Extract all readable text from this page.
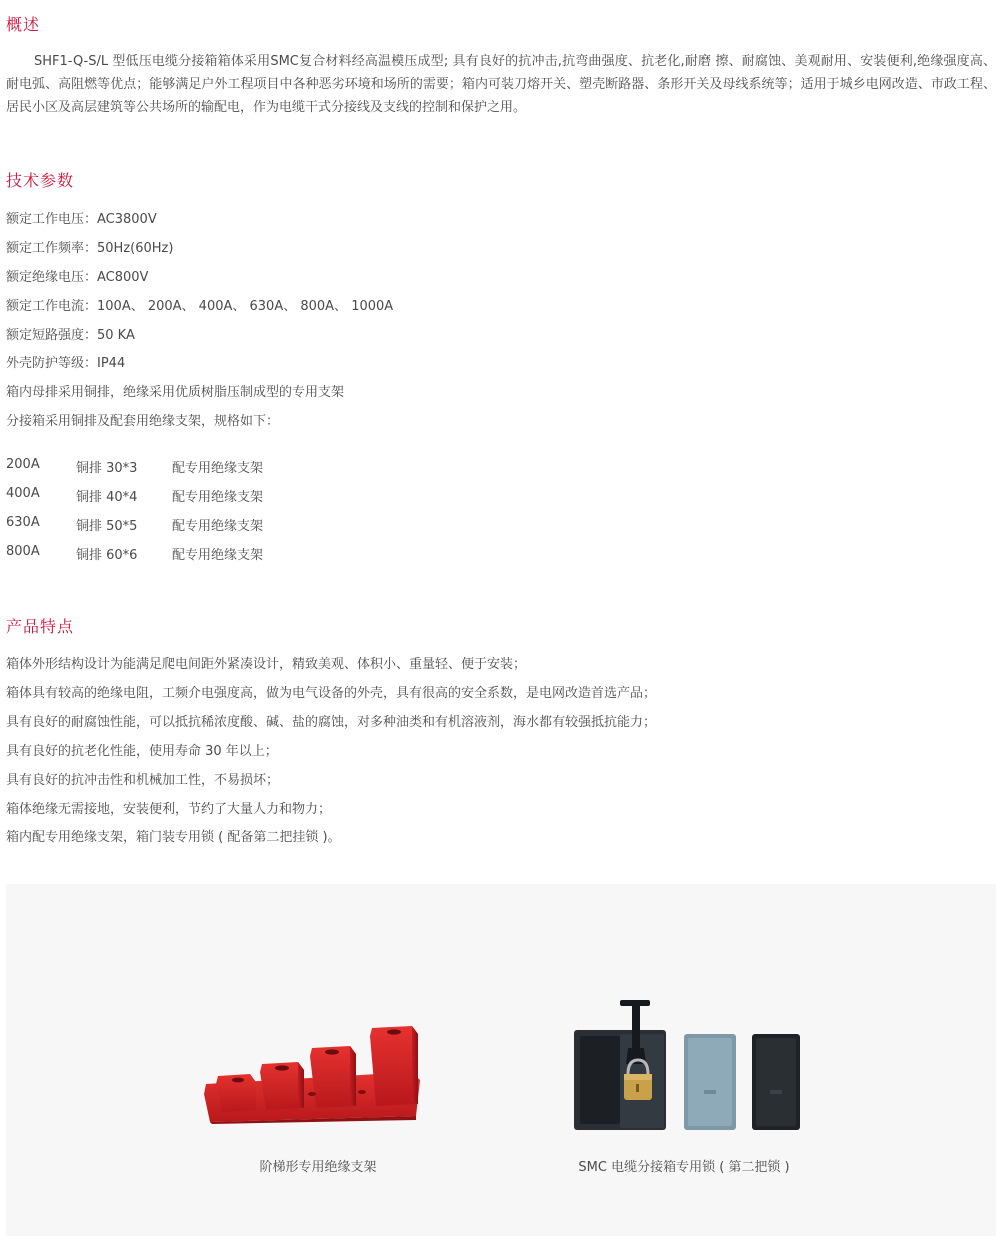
概述

SHF1-Q-S/L 型低压电缆分接箱箱体采用SMC复合材料经高温模压成型; 具有良好的抗冲击,抗弯曲强度、抗老化,耐磨 擦、耐腐蚀、美观耐用、安装便利,绝缘强度高、耐电弧、高阻燃等优点；能够满足户外工程项目中各种恶劣环境和场所的需要；箱内可装刀熔开关、塑壳断路器、条形开关及母线系统等；适用于城乡电网改造、市政工程、居民小区及高层建筑等公共场所的输配电，作为电缆干式分接线及支线的控制和保护之用。

技术参数
额定工作电压：AC3800V
额定工作频率：50Hz(60Hz)
额定绝缘电压：AC800V
额定工作电流：100A、 200A、 400A、 630A、 800A、 1000A
额定短路强度：50 KA
外壳防护等级：IP44
箱内母排采用铜排，绝缘采用优质树脂压制成型的专用支架
分接箱采用铜排及配套用绝缘支架，规格如下：
200A	铜排 30*3	配专用绝缘支架
400A	铜排 40*4	配专用绝缘支架
630A	铜排 50*5	配专用绝缘支架
800A	铜排 60*6	配专用绝缘支架
产品特点
箱体外形结构设计为能满足爬电间距外紧凑设计，精致美观、体积小、重量轻、便于安装；
箱体具有较高的绝缘电阻，工频介电强度高，做为电气设备的外壳，具有很高的安全系数，是电网改造首选产品；
具有良好的耐腐蚀性能，可以抵抗稀浓度酸、碱、盐的腐蚀，对多种油类和有机溶液剂，海水都有较强抵抗能力；
具有良好的抗老化性能，使用寿命 30 年以上；
具有良好的抗冲击性和机械加工性，不易损坏；
箱体绝缘无需接地，安装便利，节约了大量人力和物力；
箱内配专用绝缘支架，箱门装专用锁 ( 配备第二把挂锁 )。
阶梯形专用绝缘支架	SMC 电缆分接箱专用锁 ( 第二把锁 )
